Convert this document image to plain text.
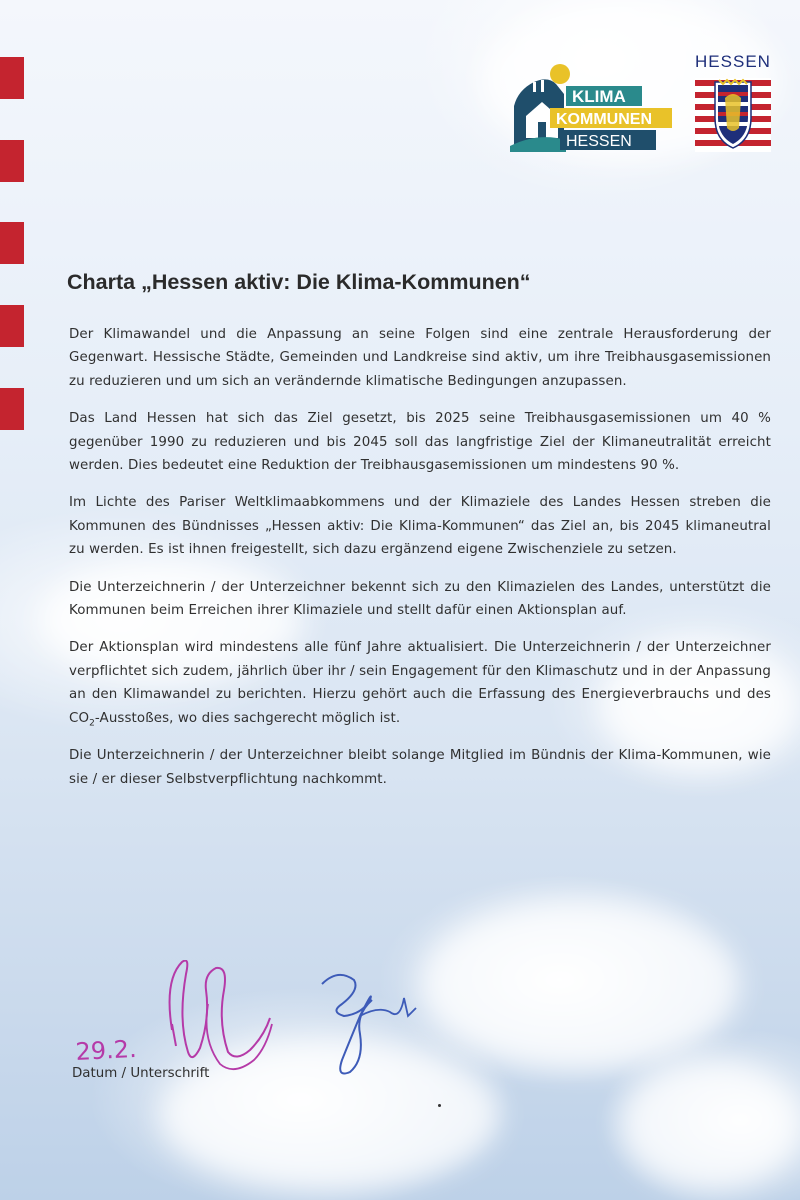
KLIMA
KOMMUNEN
HESSEN
HESSEN
Charta „Hessen aktiv: Die Klima-Kommunen“

Der Klimawandel und die Anpassung an seine Folgen sind eine zentrale Herausforderung der Gegenwart. Hessische Städte, Gemeinden und Landkreise sind aktiv, um ihre Treibhausgasemissionen zu reduzieren und um sich an verändernde klimatische Bedingungen anzupassen.

Das Land Hessen hat sich das Ziel gesetzt, bis 2025 seine Treibhausgasemissionen um 40 % gegenüber 1990 zu reduzieren und bis 2045 soll das langfristige Ziel der Klimaneutralität erreicht werden. Dies bedeutet eine Reduktion der Treibhausgasemissionen um mindestens 90 %.

Im Lichte des Pariser Weltklimaabkommens und der Klimaziele des Landes Hessen streben die Kommunen des Bündnisses „Hessen aktiv: Die Klima-Kommunen“ das Ziel an, bis 2045 klimaneutral zu werden. Es ist ihnen freigestellt, sich dazu ergänzend eigene Zwischenziele zu setzen.

Die Unterzeichnerin / der Unterzeichner bekennt sich zu den Klimazielen des Landes, unterstützt die Kommunen beim Erreichen ihrer Klimaziele und stellt dafür einen Aktionsplan auf.

Der Aktionsplan wird mindestens alle fünf Jahre aktualisiert. Die Unterzeichnerin / der Unterzeichner verpflichtet sich zudem, jährlich über ihr / sein Engagement für den Klimaschutz und in der Anpassung an den Klimawandel zu berichten. Hierzu gehört auch die Erfassung des Energieverbrauchs und des $CO_2$-Ausstoßes, wo dies sachgerecht möglich ist.

Die Unterzeichnerin / der Unterzeichner bleibt solange Mitglied im Bündnis der Klima-Kommunen, wie sie / er dieser Selbstverpflichtung nachkommt.

29.2.
Datum / Unterschrift
